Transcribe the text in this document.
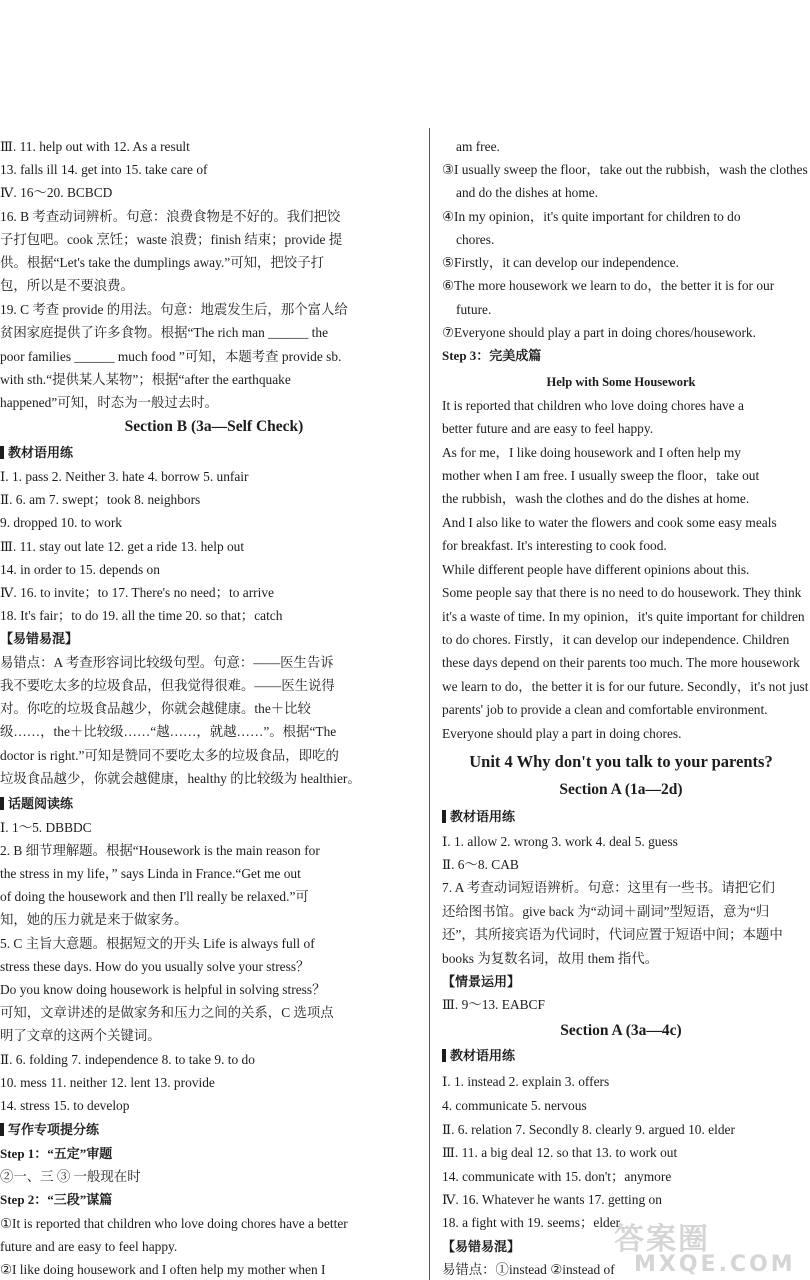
Ⅲ. 11. help out with 12. As a result
13. falls ill 14. get into 15. take care of
Ⅳ. 16～20. BCBCD
16. B 考查动词辨析。句意：浪费食物是不好的。我们把饺
子打包吧。cook 烹饪；waste 浪费；finish 结束；provide 提
供。根据“Let's take the dumplings away.”可知，把饺子打
包，所以是不要浪费。
19. C 考查 provide 的用法。句意：地震发生后，那个富人给
贫困家庭提供了许多食物。根据“The rich man ______ the
poor families ______ much food ”可知，本题考查 provide sb.
with sth.“提供某人某物”；根据“after the earthquake
happened”可知，时态为一般过去时。
Section B (3a—Self Check)
教材语用练
Ⅰ. 1. pass 2. Neither 3. hate 4. borrow 5. unfair
Ⅱ. 6. am 7. swept；took 8. neighbors
9. dropped 10. to work
Ⅲ. 11. stay out late 12. get a ride 13. help out
14. in order to 15. depends on
Ⅳ. 16. to invite；to 17. There's no need；to arrive
18. It's fair；to do 19. all the time 20. so that；catch
【易错易混】
易错点：A 考查形容词比较级句型。句意：——医生告诉
我不要吃太多的垃圾食品，但我觉得很难。——医生说得
对。你吃的垃圾食品越少，你就会越健康。the＋比较
级……，the＋比较级……“越……，就越……”。根据“The
doctor is right.”可知是赞同不要吃太多的垃圾食品，即吃的
垃圾食品越少，你就会越健康，healthy 的比较级为 healthier。
话题阅读练
Ⅰ. 1～5. DBBDC
2. B 细节理解题。根据“Housework is the main reason for
the stress in my life，” says Linda in France.“Get me out
of doing the housework and then I'll really be relaxed.”可
知，她的压力就是来于做家务。
5. C 主旨大意题。根据短文的开头 Life is always full of
stress these days. How do you usually solve your stress？
Do you know doing housework is helpful in solving stress？
可知，文章讲述的是做家务和压力之间的关系，C 选项点
明了文章的这两个关键词。
Ⅱ. 6. folding 7. independence 8. to take 9. to do
10. mess 11. neither 12. lent 13. provide
14. stress 15. to develop
写作专项提分练
Step 1：“五定”审题
②一、三 ③ 一般现在时
Step 2：“三段”谋篇
①It is reported that children who love doing chores have a better
future and are easy to feel happy.
②I like doing housework and I often help my mother when I
am free.
③I usually sweep the floor，take out the rubbish，wash the clothes
and do the dishes at home.
④In my opinion，it's quite important for children to do
chores.
⑤Firstly，it can develop our independence.
⑥The more housework we learn to do，the better it is for our
future.
⑦Everyone should play a part in doing chores/housework.
Step 3：完美成篇
Help with Some Housework
It is reported that children who love doing chores have a
better future and are easy to feel happy.
As for me，I like doing housework and I often help my
mother when I am free. I usually sweep the floor，take out
the rubbish，wash the clothes and do the dishes at home.
And I also like to water the flowers and cook some easy meals
for breakfast. It's interesting to cook food.
While different people have different opinions about this.
Some people say that there is no need to do housework. They think
it's a waste of time. In my opinion，it's quite important for children
to do chores. Firstly，it can develop our independence. Children
these days depend on their parents too much. The more housework
we learn to do，the better it is for our future. Secondly，it's not just
parents' job to provide a clean and comfortable environment.
Everyone should play a part in doing chores.
Unit 4 Why don't you talk to your parents?
Section A (1a—2d)
教材语用练
Ⅰ. 1. allow 2. wrong 3. work 4. deal 5. guess
Ⅱ. 6～8. CAB
7. A 考查动词短语辨析。句意：这里有一些书。请把它们
还给图书馆。give back 为“动词＋副词”型短语，意为“归
还”，其所接宾语为代词时，代词应置于短语中间；本题中
books 为复数名词，故用 them 指代。
【情景运用】
Ⅲ. 9～13. EABCF
Section A (3a—4c)
教材语用练
Ⅰ. 1. instead 2. explain 3. offers
4. communicate 5. nervous
Ⅱ. 6. relation 7. Secondly 8. clearly 9. argued 10. elder
Ⅲ. 11. a big deal 12. so that 13. to work out
14. communicate with 15. don't；anymore
Ⅳ. 16. Whatever he wants 17. getting on
18. a fight with 19. seems；elder
【易错易混】
易错点：①instead ②instead of
答案圈
MXQE.COM
